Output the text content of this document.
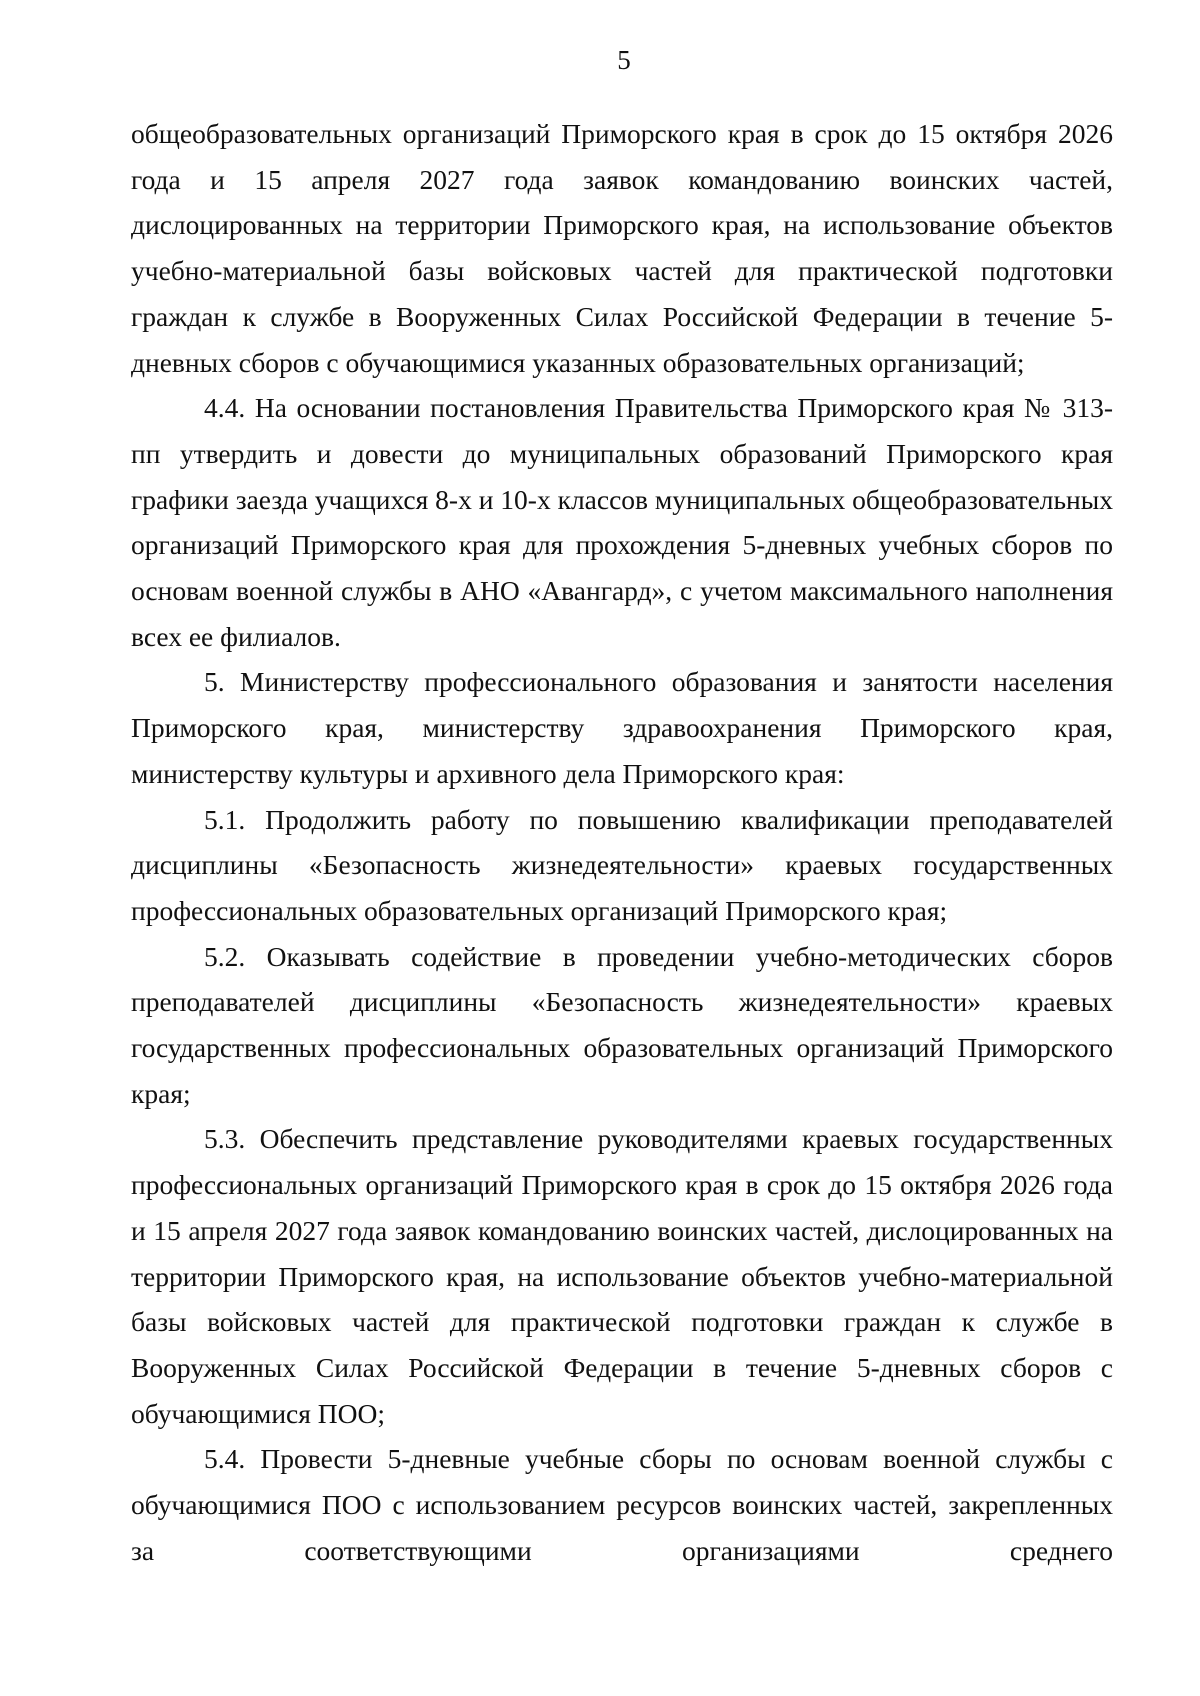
5

общеобразовательных организаций Приморского края в срок до 15 октября 2026 года и 15 апреля 2027 года заявок командованию воинских частей, дислоцированных на территории Приморского края, на использование объектов учебно-материальной базы войсковых частей для практической подготовки граждан к службе в Вооруженных Силах Российской Федерации в течение 5-дневных сборов с обучающимися указанных образовательных организаций;

4.4. На основании постановления Правительства Приморского края № 313-пп утвердить и довести до муниципальных образований Приморского края графики заезда учащихся 8-х и 10-х классов муниципальных общеобразовательных организаций Приморского края для прохождения 5-дневных учебных сборов по основам военной службы в АНО «Авангард», с учетом максимального наполнения всех ее филиалов.

5. Министерству профессионального образования и занятости населения Приморского края, министерству здравоохранения Приморского края, министерству культуры и архивного дела Приморского края:

5.1. Продолжить работу по повышению квалификации преподавателей дисциплины «Безопасность жизнедеятельности» краевых государственных профессиональных образовательных организаций Приморского края;

5.2. Оказывать содействие в проведении учебно-методических сборов преподавателей дисциплины «Безопасность жизнедеятельности» краевых государственных профессиональных образовательных организаций Приморского края;

5.3. Обеспечить представление руководителями краевых государственных профессиональных организаций Приморского края в срок до 15 октября 2026 года и 15 апреля 2027 года заявок командованию воинских частей, дислоцированных на территории Приморского края, на использование объектов учебно-материальной базы войсковых частей для практической подготовки граждан к службе в Вооруженных Силах Российской Федерации в течение 5-дневных сборов с обучающимися ПОО;

5.4. Провести 5-дневные учебные сборы по основам военной службы с обучающимися ПОО с использованием ресурсов воинских частей, закрепленных за соответствующими организациями среднего
